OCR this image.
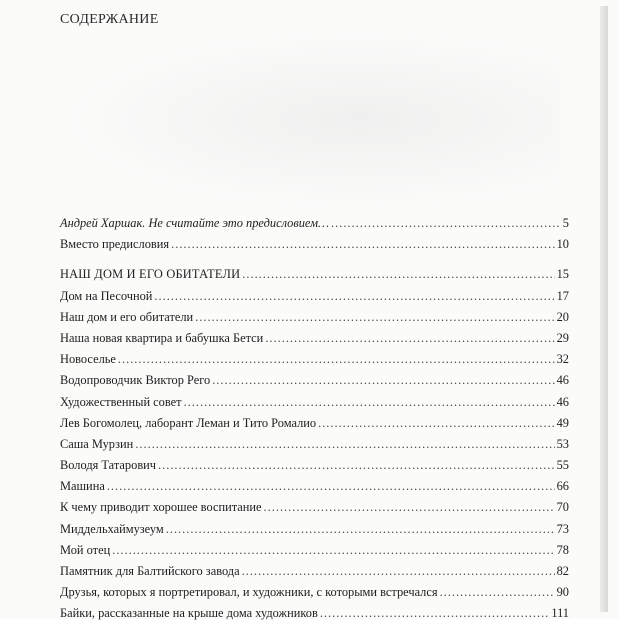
СОДЕРЖАНИЕ
Андрей Харшак. Не считайте это предисловием… .....	5
Вместо предисловия .....	10
НАШ ДОМ И ЕГО ОБИТАТЕЛИ .....	15
Дом на Песочной .....	17
Наш дом и его обитатели .....	20
Наша новая квартира и бабушка Бетси .....	29
Новоселье .....	32
Водопроводчик Виктор Рего .....	46
Художественный совет .....	46
Лев Богомолец, лаборант Леман и Тито Ромалио .....	49
Саша Мурзин .....	53
Володя Татарович .....	55
Машина .....	66
К чему приводит хорошее воспитание .....	70
Миддельхаймузеум .....	73
Мой отец .....	78
Памятник для Балтийского завода .....	82
Друзья, которых я портретировал, и художники, с которыми встречался .....	90
Байки, рассказанные на крыше дома художников .....	111
